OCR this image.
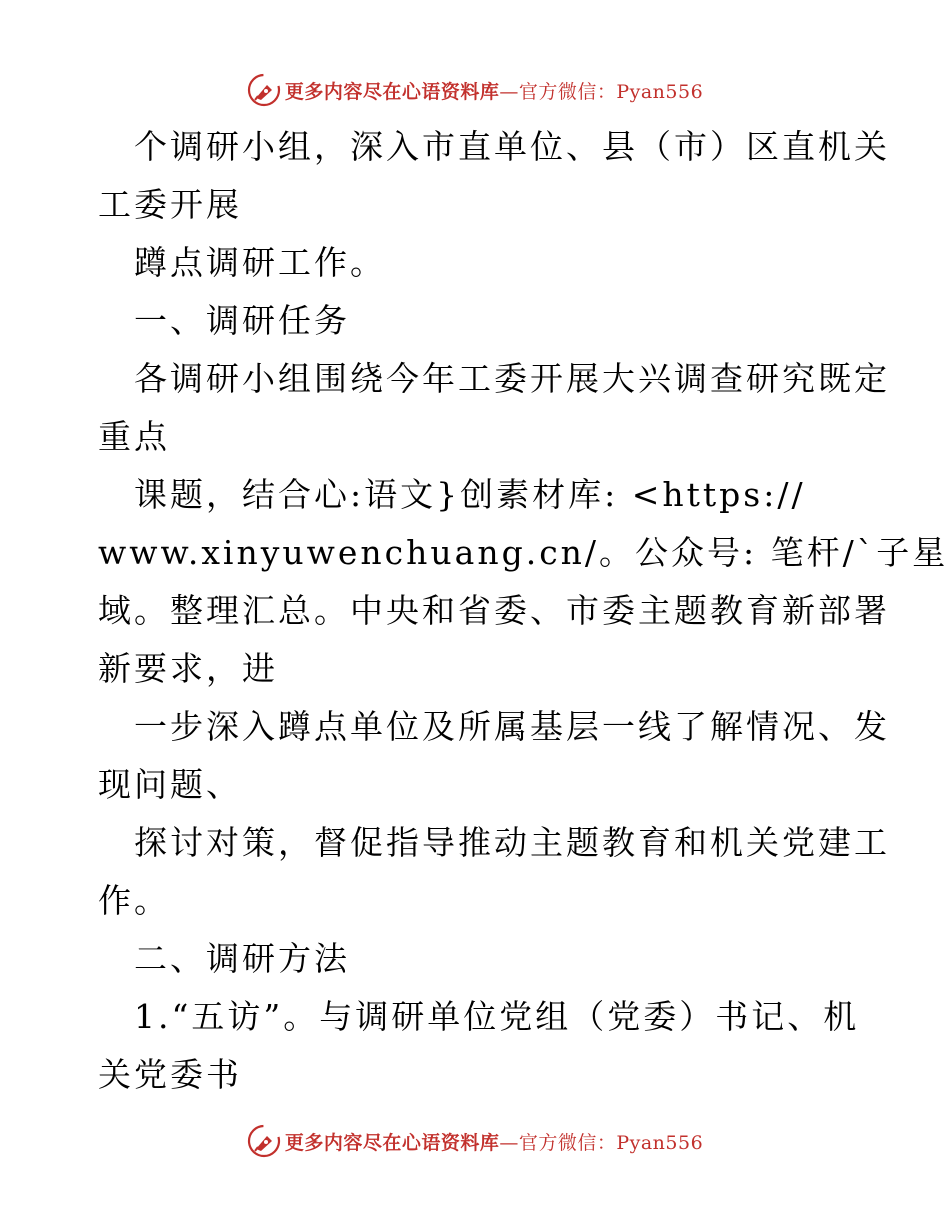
更多内容尽在心语资料库—官方微信：Pyan556
个调研小组，深入市直单位、县（市）区直机关
工委开展
蹲点调研工作。
一、调研任务
各调研小组围绕今年工委开展大兴调查研究既定
重点
课题，结合心:语文}创素材库: <https://
www.xinyuwenchuang.cn/。公众号: 笔杆/`子星
域。整理汇总。中央和省委、市委主题教育新部署
新要求，进
一步深入蹲点单位及所属基层一线了解情况、发
现问题、
探讨对策，督促指导推动主题教育和机关党建工
作。
二、调研方法
1.“五访”。与调研单位党组（党委）书记、机
关党委书
更多内容尽在心语资料库—官方微信：Pyan556
